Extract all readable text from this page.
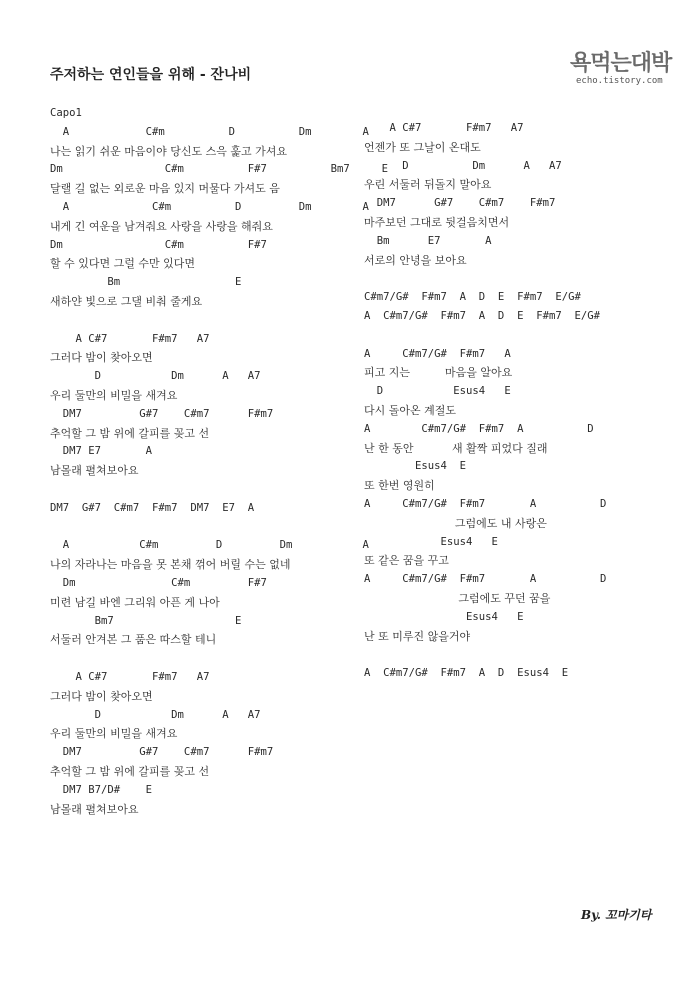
주저하는 연인들을 위해 - 잔나비	욕먹는대박
echo.tistory.com
Capo1
A            C#m          D          Dm        A
나는 읽기 쉬운 마음이야 당신도 스윽 훑고 가셔요
Dm                C#m          F#7          Bm7     E
달랠 길 없는 외로운 마음 있지 머물다 가셔도 음
A             C#m          D         Dm        A
내게 긴 여운을 남겨줘요 사랑을 사랑을 해줘요
Dm                C#m          F#7
할 수 있다면 그럴 수만 있다면
Bm                  E
새하얀 빛으로 그댈 비춰 줄게요
A C#7       F#m7   A7
그러다 밤이 찾아오면
D           Dm      A   A7
우리 둘만의 비밀을 새겨요
DM7         G#7    C#m7      F#m7
추억할 그 밤 위에 갈피를 꽂고 선
DM7 E7       A
남몰래 펼쳐보아요
DM7  G#7  C#m7  F#m7  DM7  E7  A
A           C#m         D         Dm           A
나의 자라나는 마음을 못 본채 꺾어 버릴 수는 없네
Dm               C#m         F#7
미련 남길 바엔 그리워 아픈 게 나아
Bm7                   E
서둘러 안겨본 그 품은 따스할 테니
A C#7       F#m7   A7
그러다 밤이 찾아오면
D           Dm      A   A7
우리 둘만의 비밀을 새겨요
DM7         G#7    C#m7      F#m7
추억할 그 밤 위에 갈피를 꽂고 선
DM7 B7/D#    E
남몰래 펼쳐보아요
A C#7       F#m7   A7
언젠가 또 그날이 온대도
D          Dm      A   A7
우린 서둘러 뒤돌지 말아요
DM7      G#7    C#m7    F#m7
마주보던 그대로 뒷걸음치면서
Bm      E7       A
서로의 안녕을 보아요
C#m7/G#  F#m7  A  D  E  F#m7  E/G#
A  C#m7/G#  F#m7  A  D  E  F#m7  E/G#
A     C#m7/G#  F#m7   A
피고 지는          마음을 알아요
D           Esus4   E
다시 돌아온 계절도
A        C#m7/G#  F#m7  A          D
난 한 동안           새 활짝 피었다 질래
Esus4  E
또 한번 영원히
A     C#m7/G#  F#m7       A          D
그럼에도 내 사랑은
Esus4   E
또 같은 꿈을 꾸고
A     C#m7/G#  F#m7       A          D
그럼에도 꾸던 꿈을
Esus4   E
난 또 미루진 않을거야
A  C#m7/G#  F#m7  A  D  Esus4  E
By. 꼬마기타
